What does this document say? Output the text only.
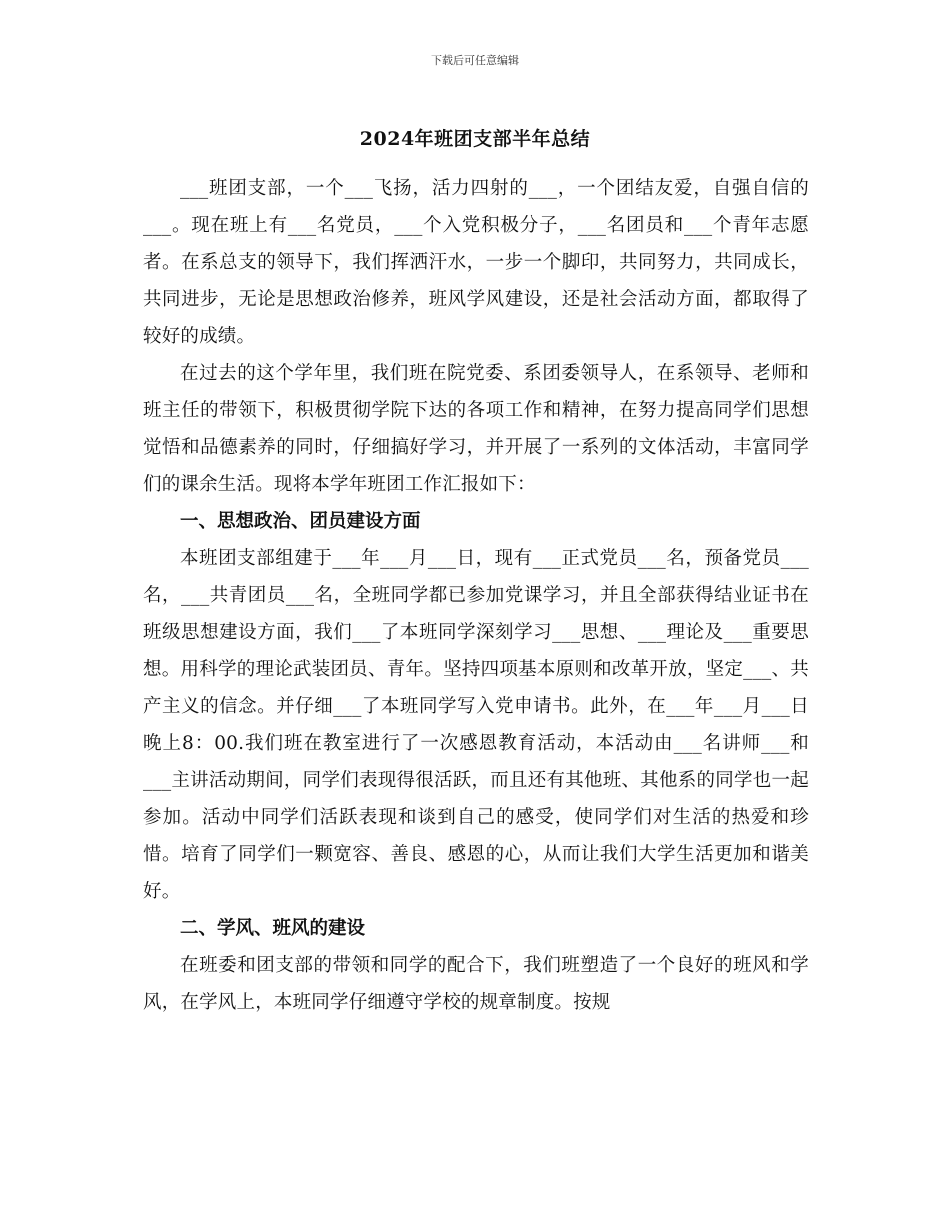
下载后可任意编辑
2024年班团支部半年总结

___班团支部，一个___飞扬，活力四射的___，一个团结友爱，自强自信的___。现在班上有___名党员，___个入党积极分子，___名团员和___个青年志愿者。在系总支的领导下，我们挥洒汗水，一步一个脚印，共同努力，共同成长，共同进步，无论是思想政治修养，班风学风建设，还是社会活动方面，都取得了较好的成绩。

在过去的这个学年里，我们班在院党委、系团委领导人，在系领导、老师和班主任的带领下，积极贯彻学院下达的各项工作和精神，在努力提高同学们思想觉悟和品德素养的同时，仔细搞好学习，并开展了一系列的文体活动，丰富同学们的课余生活。现将本学年班团工作汇报如下：

一、思想政治、团员建设方面

本班团支部组建于___年___月___日，现有___正式党员___名，预备党员___名，___共青团员___名，全班同学都已参加党课学习，并且全部获得结业证书在班级思想建设方面，我们___了本班同学深刻学习___思想、___理论及___重要思想。用科学的理论武装团员、青年。坚持四项基本原则和改革开放，坚定___、共产主义的信念。并仔细___了本班同学写入党申请书。此外，在___年___月___日晚上8：00.我们班在教室进行了一次感恩教育活动，本活动由___名讲师___和___主讲活动期间，同学们表现得很活跃，而且还有其他班、其他系的同学也一起参加。活动中同学们活跃表现和谈到自己的感受，使同学们对生活的热爱和珍惜。培育了同学们一颗宽容、善良、感恩的心，从而让我们大学生活更加和谐美好。

二、学风、班风的建设

在班委和团支部的带领和同学的配合下，我们班塑造了一个良好的班风和学风，在学风上，本班同学仔细遵守学校的规章制度。按规
